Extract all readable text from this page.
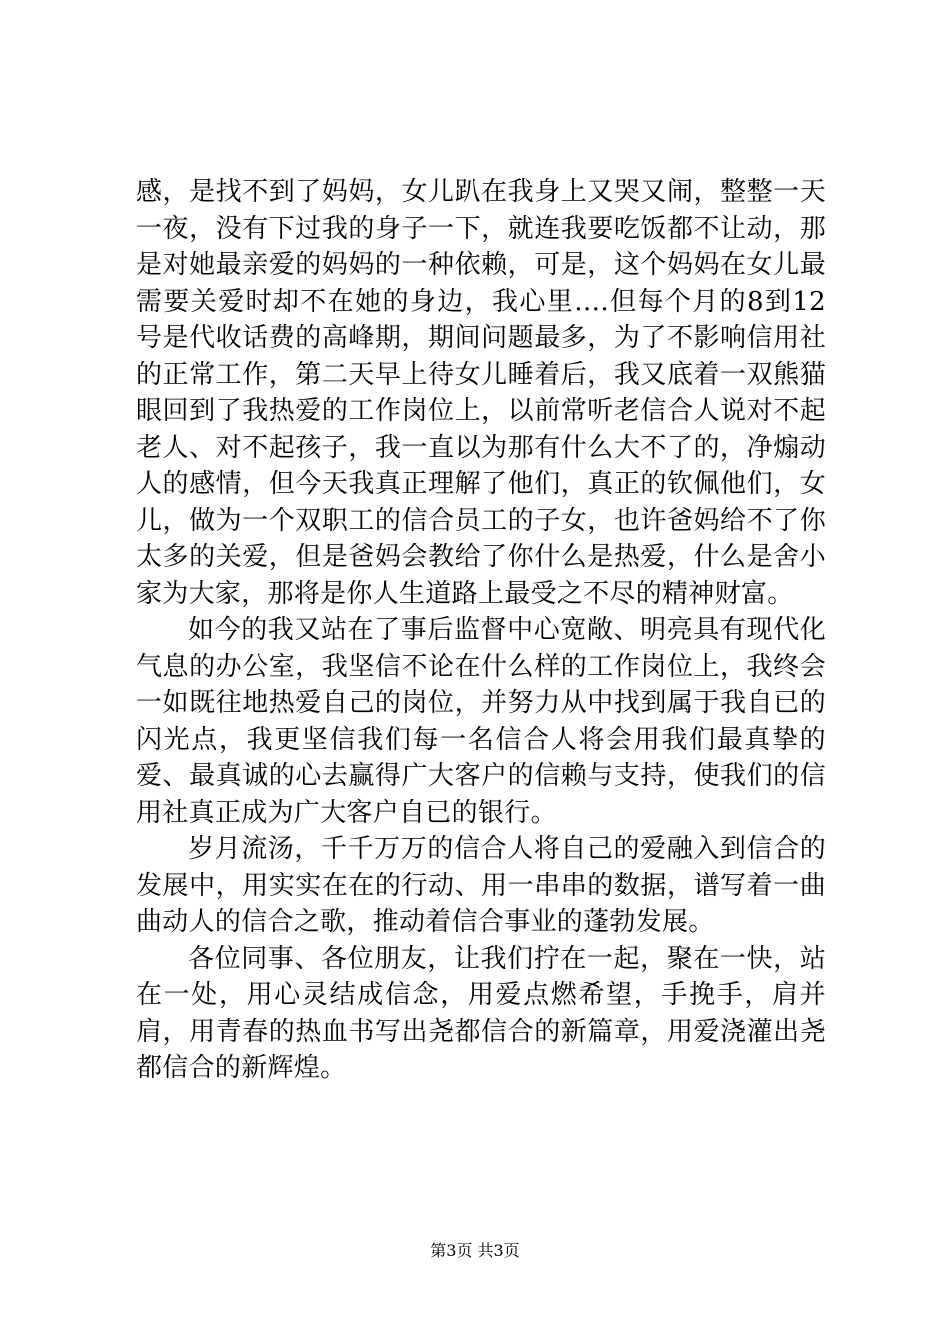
感，是找不到了妈妈，女儿趴在我身上又哭又闹，整整一天一夜，没有下过我的身子一下，就连我要吃饭都不让动，那是对她最亲爱的妈妈的一种依赖，可是，这个妈妈在女儿最需要关爱时却不在她的身边，我心里….但每个月的8到12号是代收话费的高峰期，期间问题最多，为了不影响信用社的正常工作，第二天早上待女儿睡着后，我又底着一双熊猫眼回到了我热爱的工作岗位上，以前常听老信合人说对不起老人、对不起孩子，我一直以为那有什么大不了的，净煽动人的感情，但今天我真正理解了他们，真正的钦佩他们，女儿，做为一个双职工的信合员工的子女，也许爸妈给不了你太多的关爱，但是爸妈会教给了你什么是热爱，什么是舍小家为大家，那将是你人生道路上最受之不尽的精神财富。

如今的我又站在了事后监督中心宽敞、明亮具有现代化气息的办公室，我坚信不论在什么样的工作岗位上，我终会一如既往地热爱自己的岗位，并努力从中找到属于我自已的闪光点，我更坚信我们每一名信合人将会用我们最真挚的爱、最真诚的心去赢得广大客户的信赖与支持，使我们的信用社真正成为广大客户自已的银行。

岁月流汤，千千万万的信合人将自己的爱融入到信合的发展中，用实实在在的行动、用一串串的数据，谱写着一曲曲动人的信合之歌，推动着信合事业的蓬勃发展。

各位同事、各位朋友，让我们拧在一起，聚在一快，站在一处，用心灵结成信念，用爱点燃希望，手挽手，肩并肩，用青春的热血书写出尧都信合的新篇章，用爱浇灌出尧都信合的新辉煌。

第3页 共3页
